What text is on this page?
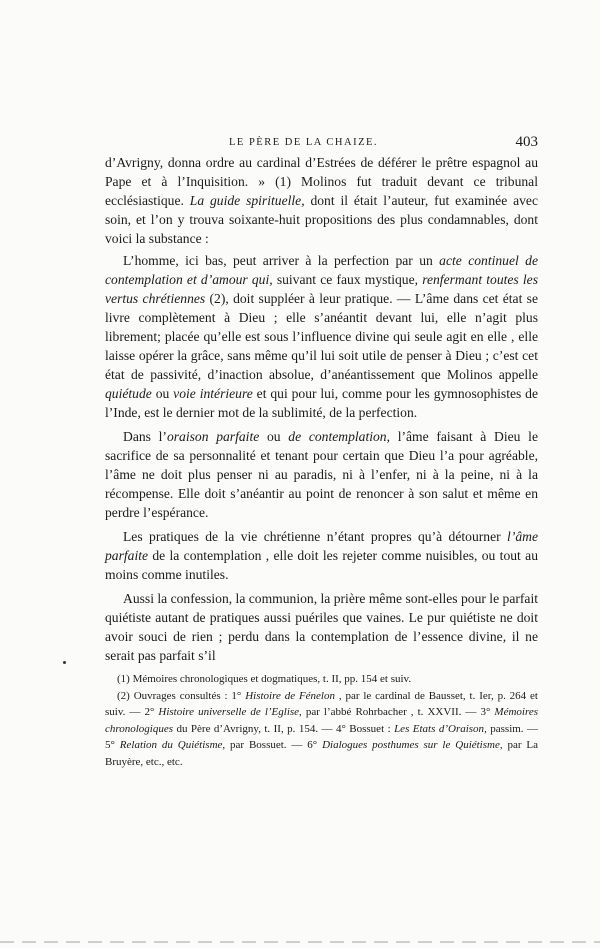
LE PÈRE DE LA CHAIZE.	403

d’Avrigny, donna ordre au cardinal d’Estrées de déférer le prêtre espagnol au Pape et à l’Inquisition. » (1) Molinos fut traduit devant ce tribunal ecclésiastique. La guide spirituelle, dont il était l’auteur, fut examinée avec soin, et l’on y trouva soixante-huit propositions des plus condamnables, dont voici la substance :

L’homme, ici bas, peut arriver à la perfection par un acte continuel de contemplation et d’amour qui, suivant ce faux mystique, renfermant toutes les vertus chrétiennes (2), doit suppléer à leur pratique. — L’âme dans cet état se livre complètement à Dieu ; elle s’anéantit devant lui, elle n’agit plus librement; placée qu’elle est sous l’influence divine qui seule agit en elle , elle laisse opérer la grâce, sans même qu’il lui soit utile de penser à Dieu ; c’est cet état de passivité, d’inaction absolue, d’anéantissement que Molinos appelle quiétude ou voie intérieure et qui pour lui, comme pour les gymnosophistes de l’Inde, est le dernier mot de la sublimité, de la perfection.

Dans l’oraison parfaite ou de contemplation, l’âme faisant à Dieu le sacrifice de sa personnalité et tenant pour certain que Dieu l’a pour agréable, l’âme ne doit plus penser ni au paradis, ni à l’enfer, ni à la peine, ni à la récompense. Elle doit s’anéantir au point de renoncer à son salut et même en perdre l’espérance.

Les pratiques de la vie chrétienne n’étant propres qu’à détourner l’âme parfaite de la contemplation , elle doit les rejeter comme nuisibles, ou tout au moins comme inutiles.

Aussi la confession, la communion, la prière même sont-elles pour le parfait quiétiste autant de pratiques aussi puériles que vaines. Le pur quiétiste ne doit avoir souci de rien ; perdu dans la contemplation de l’essence divine, il ne serait pas parfait s’il

(1) Mémoires chronologiques et dogmatiques, t. II, pp. 154 et suiv.

(2) Ouvrages consultés : 1° Histoire de Fénelon , par le cardinal de Bausset, t. Ier, p. 264 et suiv. — 2° Histoire universelle de l’Eglise, par l’abbé Rohrbacher , t. XXVII. — 3° Mémoires chronologiques du Père d’Avrigny, t. II, p. 154. — 4° Bossuet : Les Etats d’Oraison, passim. — 5° Relation du Quiétisme, par Bossuet. — 6° Dialogues posthumes sur le Quiétisme, par La Bruyère, etc., etc.
